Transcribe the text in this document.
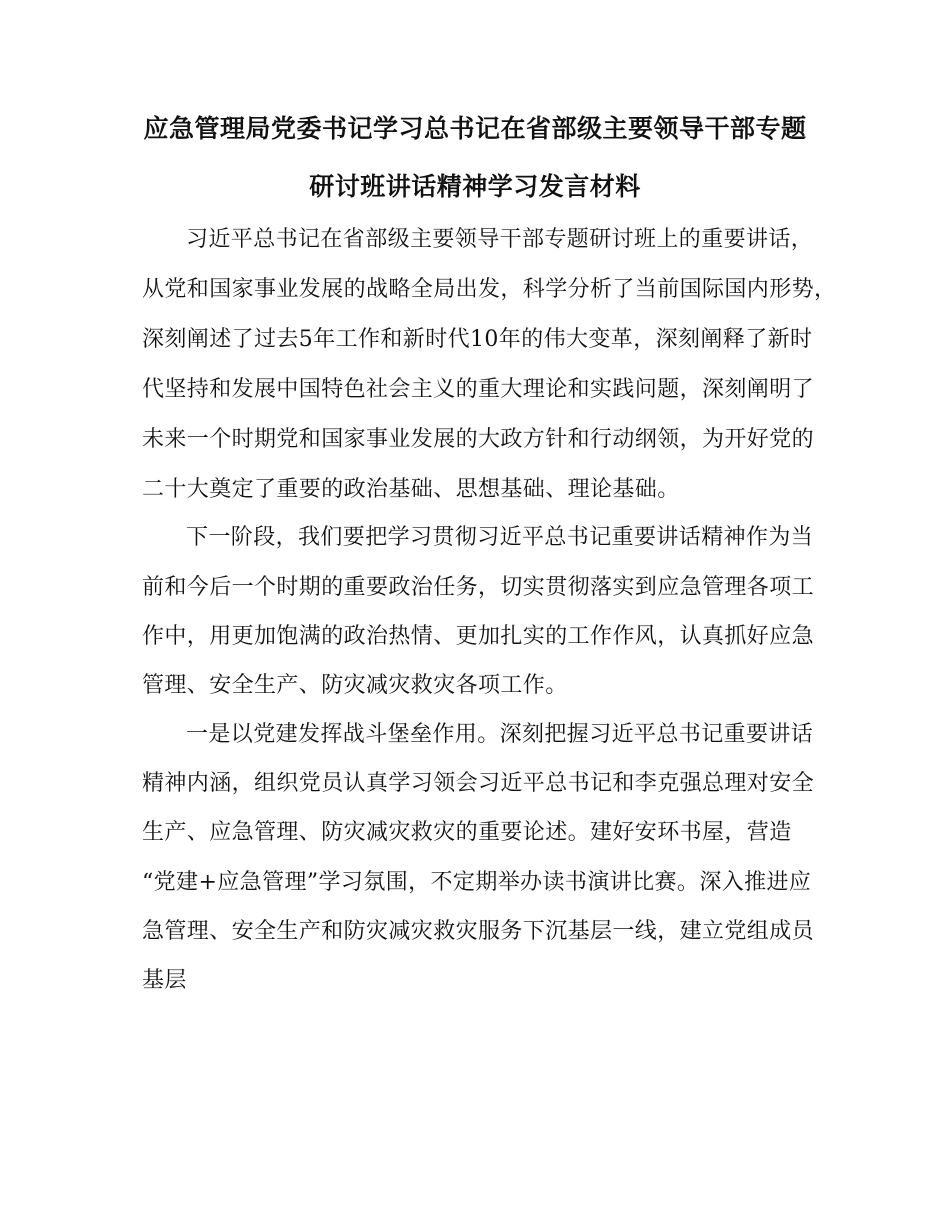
应急管理局党委书记学习总书记在省部级主要领导干部专题
研讨班讲话精神学习发言材料
习近平总书记在省部级主要领导干部专题研讨班上的重要讲话，
从党和国家事业发展的战略全局出发，科学分析了当前国际国内形势，
深刻阐述了过去5年工作和新时代10年的伟大变革，深刻阐释了新时
代坚持和发展中国特色社会主义的重大理论和实践问题，深刻阐明了
未来一个时期党和国家事业发展的大政方针和行动纲领，为开好党的
二十大奠定了重要的政治基础、思想基础、理论基础。
下一阶段，我们要把学习贯彻习近平总书记重要讲话精神作为当
前和今后一个时期的重要政治任务，切实贯彻落实到应急管理各项工
作中，用更加饱满的政治热情、更加扎实的工作作风，认真抓好应急
管理、安全生产、防灾减灾救灾各项工作。
一是以党建发挥战斗堡垒作用。深刻把握习近平总书记重要讲话
精神内涵，组织党员认真学习领会习近平总书记和李克强总理对安全
生产、应急管理、防灾减灾救灾的重要论述。建好安环书屋，营造
“党建+应急管理”学习氛围，不定期举办读书演讲比赛。深入推进应
急管理、安全生产和防灾减灾救灾服务下沉基层一线，建立党组成员
基层
